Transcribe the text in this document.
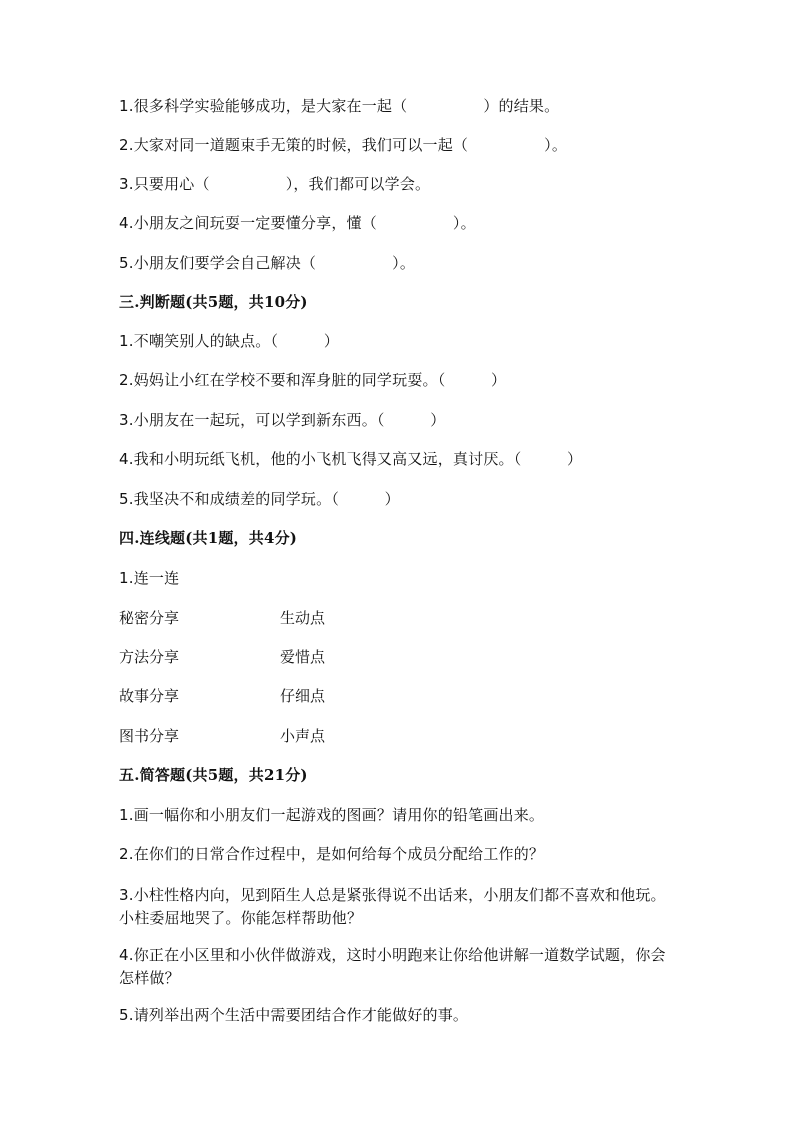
1.很多科学实验能够成功，是大家在一起（　　　　　）的结果。
2.大家对同一道题束手无策的时候，我们可以一起（　　　　　）。
3.只要用心（　　　　　），我们都可以学会。
4.小朋友之间玩耍一定要懂分享，懂（　　　　　）。
5.小朋友们要学会自己解决（　　　　　）。
三.判断题(共5题，共10分)
1.不嘲笑别人的缺点。（　　　）
2.妈妈让小红在学校不要和浑身脏的同学玩耍。（　　　）
3.小朋友在一起玩，可以学到新东西。（　　　）
4.我和小明玩纸飞机，他的小飞机飞得又高又远，真讨厌。（　　　）
5.我坚决不和成绩差的同学玩。（　　　）
四.连线题(共1题，共4分)
1.连一连
秘密分享	生动点
方法分享	爱惜点
故事分享	仔细点
图书分享	小声点
五.简答题(共5题，共21分)
1.画一幅你和小朋友们一起游戏的图画？请用你的铅笔画出来。
2.在你们的日常合作过程中，是如何给每个成员分配给工作的？
3.小柱性格内向，见到陌生人总是紧张得说不出话来，小朋友们都不喜欢和他玩。小柱委屈地哭了。你能怎样帮助他？
4.你正在小区里和小伙伴做游戏，这时小明跑来让你给他讲解一道数学试题，你会怎样做？
5.请列举出两个生活中需要团结合作才能做好的事。
